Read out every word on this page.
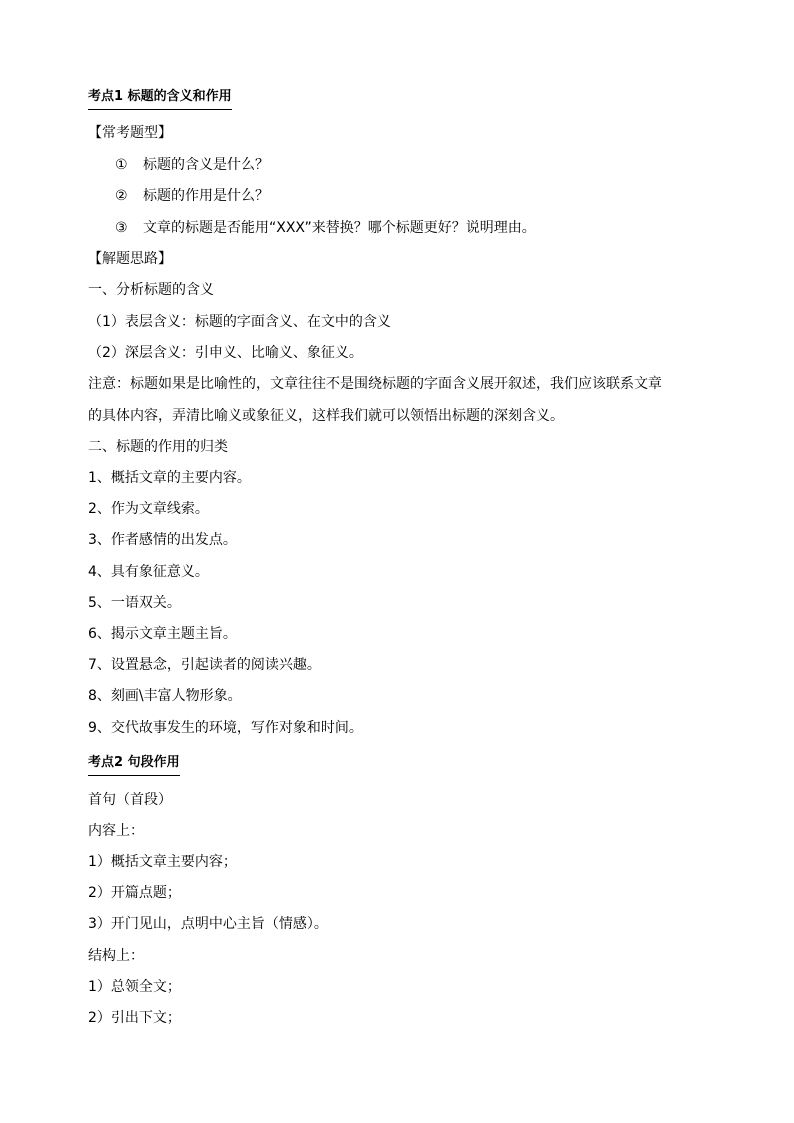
考点1 标题的含义和作用
【常考题型】
① 标题的含义是什么？
② 标题的作用是什么？
③ 文章的标题是否能用“XXX”来替换？哪个标题更好？说明理由。
【解题思路】
一、分析标题的含义
（1）表层含义：标题的字面含义、在文中的含义
（2）深层含义：引申义、比喻义、象征义。
注意：标题如果是比喻性的，文章往往不是围绕标题的字面含义展开叙述，我们应该联系文章
的具体内容，弄清比喻义或象征义，这样我们就可以领悟出标题的深刻含义。
二、标题的作用的归类
1、概括文章的主要内容。
2、作为文章线索。
3、作者感情的出发点。
4、具有象征意义。
5、一语双关。
6、揭示文章主题主旨。
7、设置悬念，引起读者的阅读兴趣。
8、刻画\丰富人物形象。
9、交代故事发生的环境，写作对象和时间。
考点2 句段作用
首句（首段）
内容上：
1）概括文章主要内容；
2）开篇点题；
3）开门见山，点明中心主旨（情感）。
结构上：
1）总领全文；
2）引出下文；
